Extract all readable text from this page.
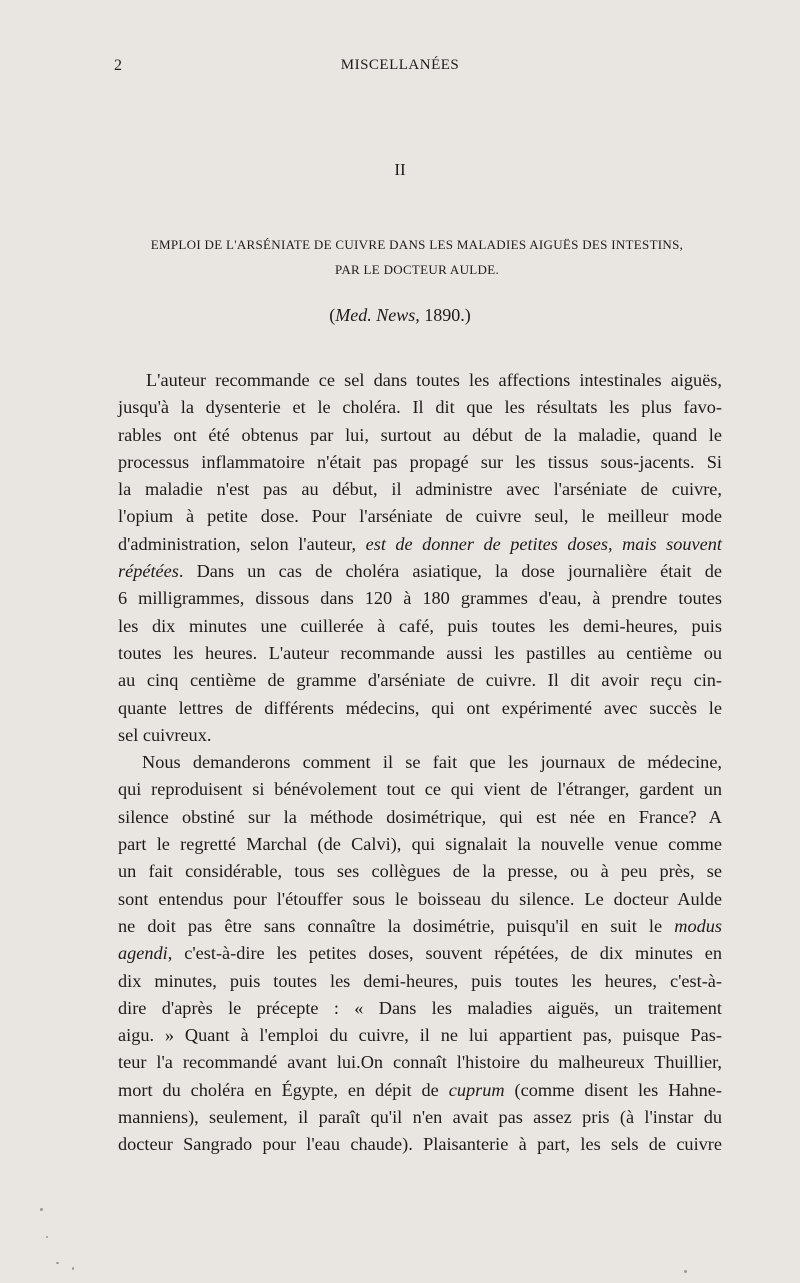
2	MISCELLANÉES
II
EMPLOI DE L'ARSÉNIATE DE CUIVRE DANS LES MALADIES AIGUËS DES INTESTINS,
PAR LE DOCTEUR AULDE.
(Med. News, 1890.)
L'auteur recommande ce sel dans toutes les affections intestinales aiguës,
jusqu'à la dysenterie et le choléra. Il dit que les résultats les plus favo-
rables ont été obtenus par lui, surtout au début de la maladie, quand le
processus inflammatoire n'était pas propagé sur les tissus sous-jacents. Si
la maladie n'est pas au début, il administre avec l'arséniate de cuivre,
l'opium à petite dose. Pour l'arséniate de cuivre seul, le meilleur mode
d'administration, selon l'auteur, est de donner de petites doses, mais souvent
répétées. Dans un cas de choléra asiatique, la dose journalière était de
6 milligrammes, dissous dans 120 à 180 grammes d'eau, à prendre toutes
les dix minutes une cuillerée à café, puis toutes les demi-heures, puis
toutes les heures. L'auteur recommande aussi les pastilles au centième ou
au cinq centième de gramme d'arséniate de cuivre. Il dit avoir reçu cin-
quante lettres de différents médecins, qui ont expérimenté avec succès le
sel cuivreux.
Nous demanderons comment il se fait que les journaux de médecine,
qui reproduisent si bénévolement tout ce qui vient de l'étranger, gardent un
silence obstiné sur la méthode dosimétrique, qui est née en France? A
part le regretté Marchal (de Calvi), qui signalait la nouvelle venue comme
un fait considérable, tous ses collègues de la presse, ou à peu près, se
sont entendus pour l'étouffer sous le boisseau du silence. Le docteur Aulde
ne doit pas être sans connaître la dosimétrie, puisqu'il en suit le modus
agendi, c'est-à-dire les petites doses, souvent répétées, de dix minutes en
dix minutes, puis toutes les demi-heures, puis toutes les heures, c'est-à-
dire d'après le précepte : « Dans les maladies aiguës, un traitement
aigu. » Quant à l'emploi du cuivre, il ne lui appartient pas, puisque Pas-
teur l'a recommandé avant lui.On connaît l'histoire du malheureux Thuillier,
mort du choléra en Égypte, en dépit de cuprum (comme disent les Hahne-
manniens), seulement, il paraît qu'il n'en avait pas assez pris (à l'instar du
docteur Sangrado pour l'eau chaude). Plaisanterie à part, les sels de cuivre
